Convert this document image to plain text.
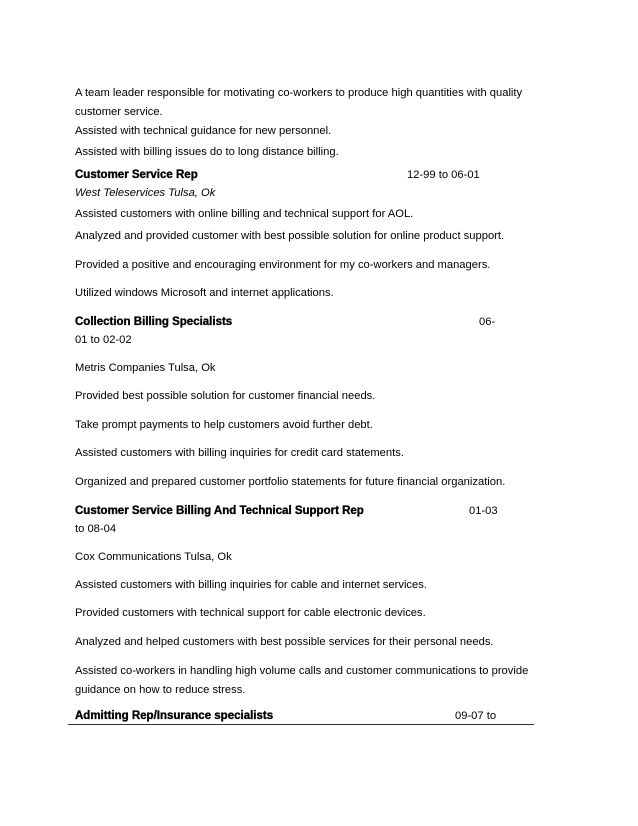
A team leader responsible for motivating co-workers to produce high quantities with quality
customer service.
Assisted with technical guidance for new personnel.
Assisted with billing issues do to long distance billing.
Customer Service Rep	12-99 to 06-01
West Teleservices Tulsa, Ok
Assisted customers with online billing and technical support for AOL.
Analyzed and provided customer with best possible solution for online product support.
Provided a positive and encouraging environment for my co-workers and managers.
Utilized windows Microsoft and internet applications.
Collection Billing Specialists	06-
01 to 02-02
Metris Companies Tulsa, Ok
Provided best possible solution for customer financial needs.
Take prompt payments to help customers avoid further debt.
Assisted customers with billing inquiries for credit card statements.
Organized and prepared customer portfolio statements for future financial organization.
Customer Service Billing And Technical Support Rep	01-03
to 08-04
Cox Communications Tulsa, Ok
Assisted customers with billing inquiries for cable and internet services.
Provided customers with technical support for cable electronic devices.
Analyzed and helped customers with best possible services for their personal needs.
Assisted co-workers in handling high volume calls and customer communications to provide
guidance on how to reduce stress.
Admitting Rep/Insurance specialists	09-07 to
